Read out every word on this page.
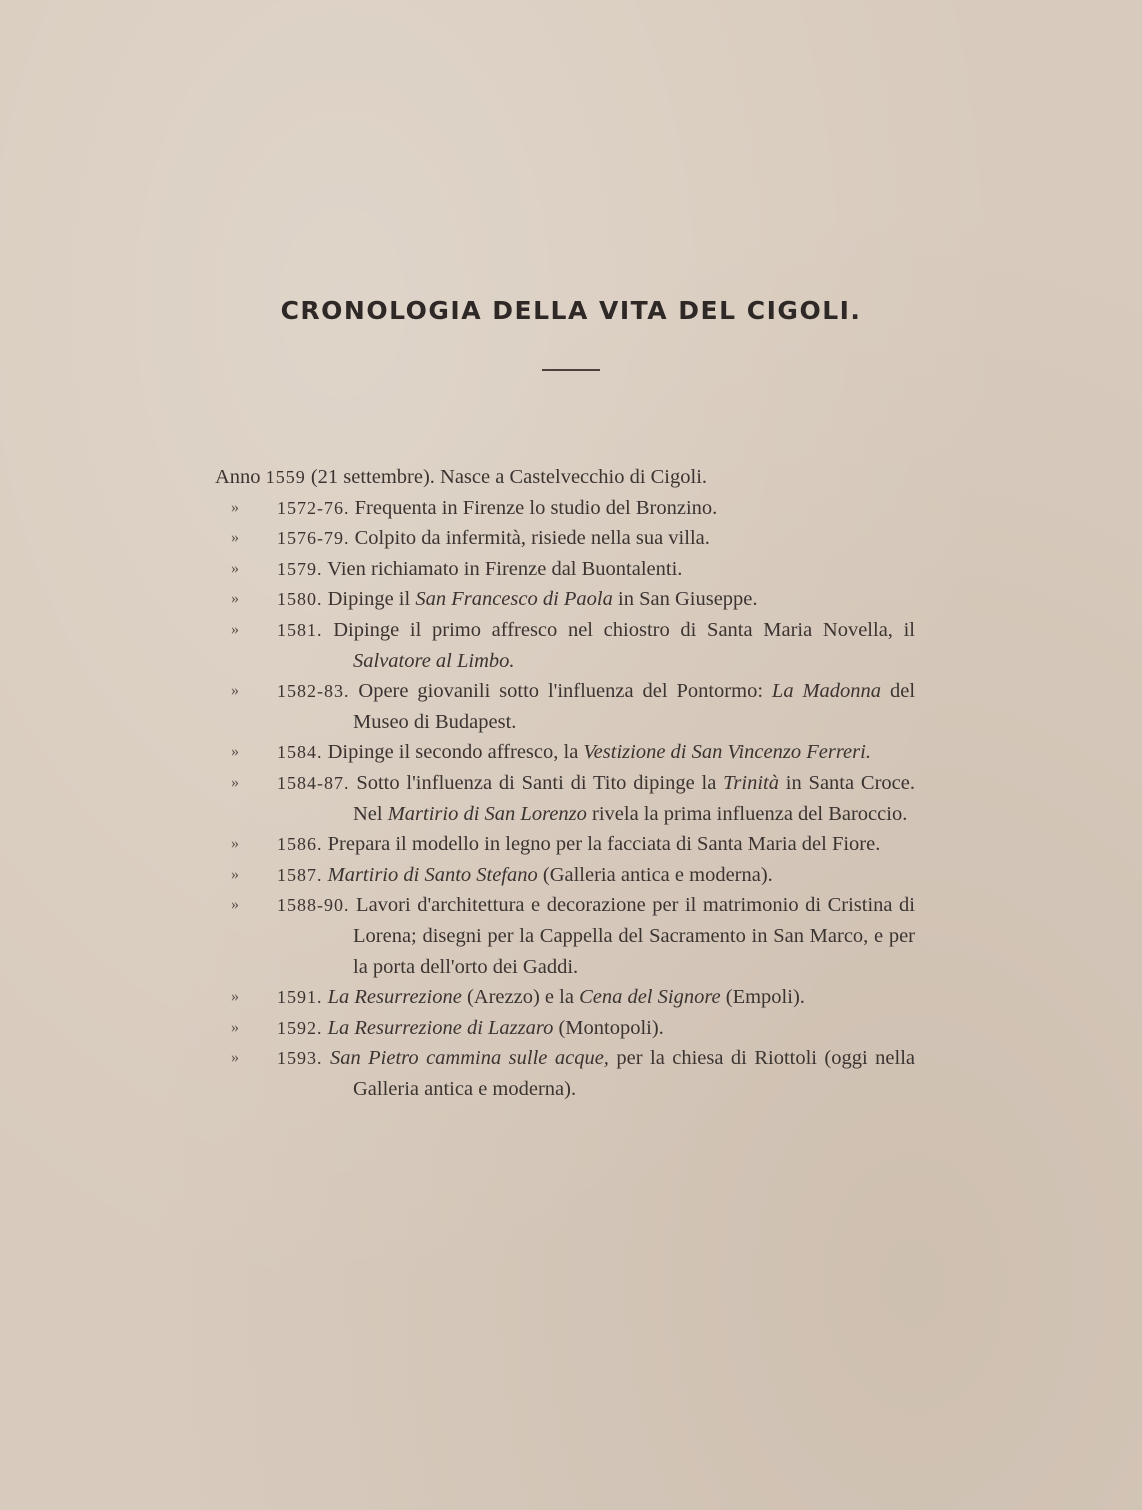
CRONOLOGIA DELLA VITA DEL CIGOLI.
Anno 1559 (21 settembre). Nasce a Castelvecchio di Cigoli.
» 1572-76. Frequenta in Firenze lo studio del Bronzino.
» 1576-79. Colpito da infermità, risiede nella sua villa.
» 1579. Vien richiamato in Firenze dal Buontalenti.
» 1580. Dipinge il San Francesco di Paola in San Giuseppe.
» 1581. Dipinge il primo affresco nel chiostro di Santa Maria Novella, il Salvatore al Limbo.
» 1582-83. Opere giovanili sotto l'influenza del Pontormo: La Madonna del Museo di Budapest.
» 1584. Dipinge il secondo affresco, la Vestizione di San Vincenzo Ferreri.
» 1584-87. Sotto l'influenza di Santi di Tito dipinge la Trinità in Santa Croce. Nel Martirio di San Lorenzo rivela la prima influenza del Baroccio.
» 1586. Prepara il modello in legno per la facciata di Santa Maria del Fiore.
» 1587. Martirio di Santo Stefano (Galleria antica e moderna).
» 1588-90. Lavori d'architettura e decorazione per il matrimonio di Cristina di Lorena; disegni per la Cappella del Sacramento in San Marco, e per la porta dell'orto dei Gaddi.
» 1591. La Resurrezione (Arezzo) e la Cena del Signore (Empoli).
» 1592. La Resurrezione di Lazzaro (Montopoli).
» 1593. San Pietro cammina sulle acque, per la chiesa di Riottoli (oggi nella Galleria antica e moderna).
